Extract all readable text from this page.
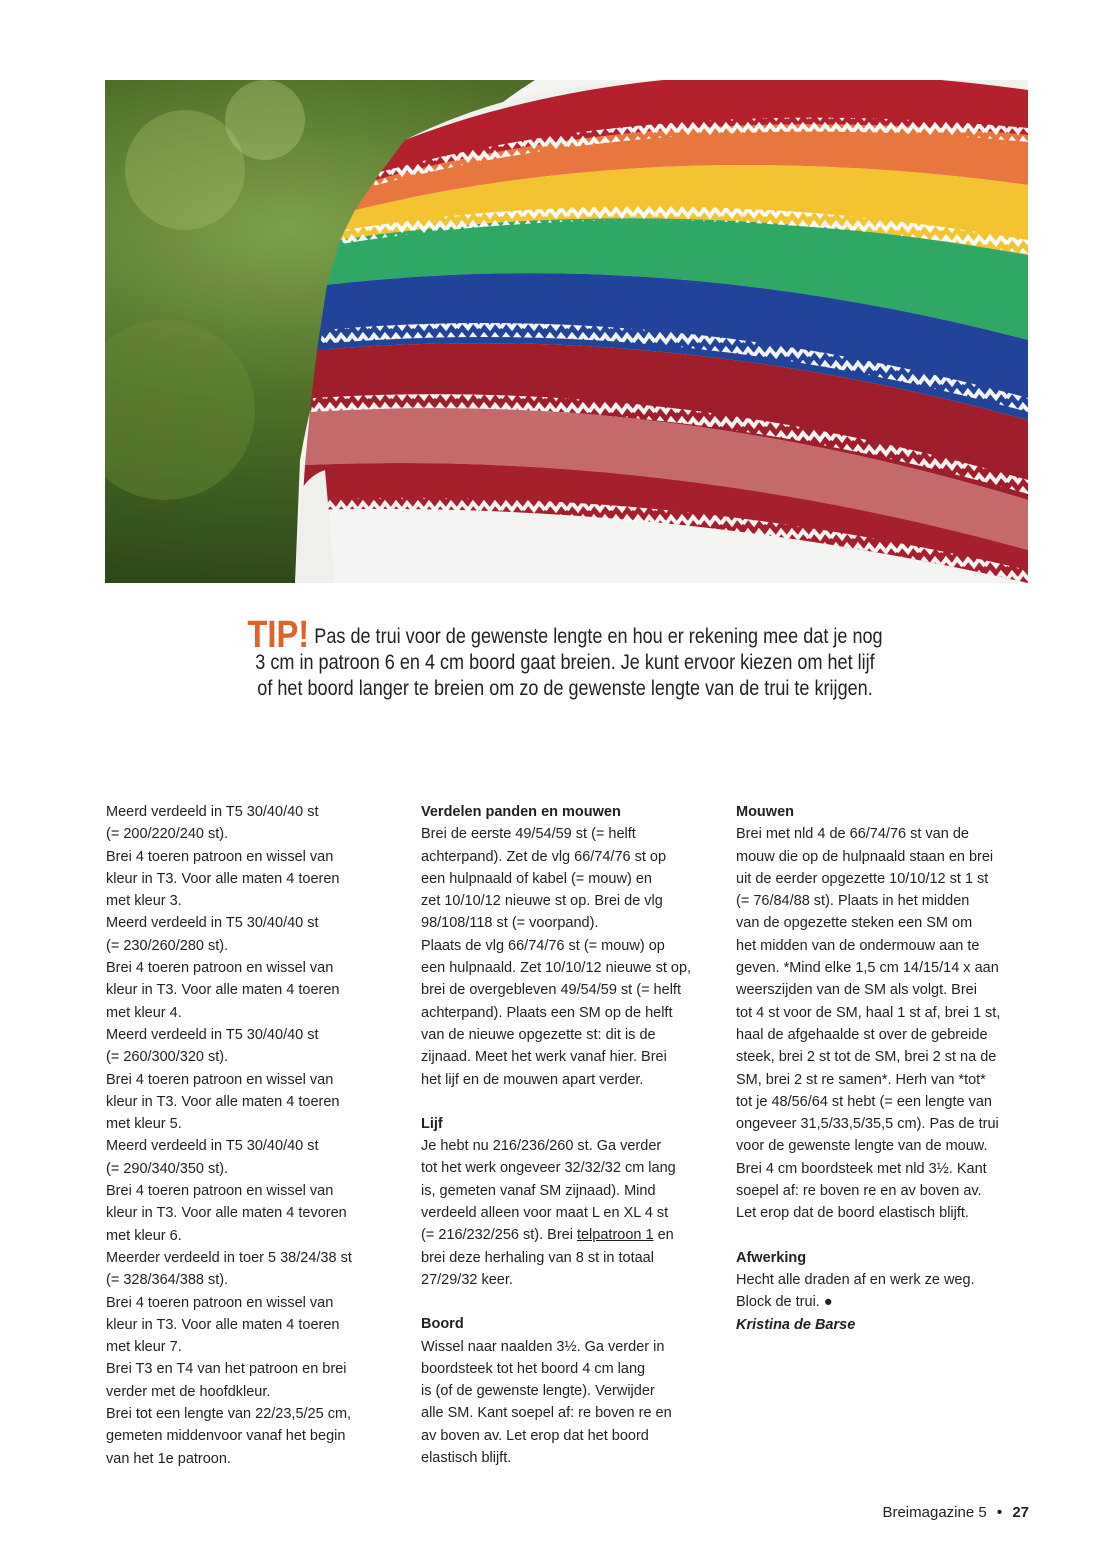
TIP! Pas de trui voor de gewenste lengte en hou er rekening mee dat je nog
3 cm in patroon 6 en 4 cm boord gaat breien. Je kunt ervoor kiezen om het lijf
of het boord langer te breien om zo de gewenste lengte van de trui te krijgen.

Meerd verdeeld in T5 30/40/40 st

(= 200/220/240 st).

Brei 4 toeren patroon en wissel van

kleur in T3. Voor alle maten 4 toeren

met kleur 3.

Meerd verdeeld in T5 30/40/40 st

(= 230/260/280 st).

Brei 4 toeren patroon en wissel van

kleur in T3. Voor alle maten 4 toeren

met kleur 4.

Meerd verdeeld in T5 30/40/40 st

(= 260/300/320 st).

Brei 4 toeren patroon en wissel van

kleur in T3. Voor alle maten 4 toeren

met kleur 5.

Meerd verdeeld in T5 30/40/40 st

(= 290/340/350 st).

Brei 4 toeren patroon en wissel van

kleur in T3. Voor alle maten 4 tevoren

met kleur 6.

Meerder verdeeld in toer 5 38/24/38 st

(= 328/364/388 st).

Brei 4 toeren patroon en wissel van

kleur in T3. Voor alle maten 4 toeren

met kleur 7.

Brei T3 en T4 van het patroon en brei

verder met de hoofdkleur.

Brei tot een lengte van 22/23,5/25 cm,

gemeten middenvoor vanaf het begin

van het 1e patroon.

Verdelen panden en mouwen

Brei de eerste 49/54/59 st (= helft

achterpand). Zet de vlg 66/74/76 st op

een hulpnaald of kabel (= mouw) en

zet 10/10/12 nieuwe st op. Brei de vlg

98/108/118 st (= voorpand).

Plaats de vlg 66/74/76 st (= mouw) op

een hulpnaald. Zet 10/10/12 nieuwe st op,

brei de overgebleven 49/54/59 st (= helft

achterpand). Plaats een SM op de helft

van de nieuwe opgezette st: dit is de

zijnaad. Meet het werk vanaf hier. Brei

het lijf en de mouwen apart verder.

Lijf

Je hebt nu 216/236/260 st. Ga verder

tot het werk ongeveer 32/32/32 cm lang

is, gemeten vanaf SM zijnaad). Mind

verdeeld alleen voor maat L en XL 4 st

(= 216/232/256 st). Brei telpatroon 1 en

brei deze herhaling van 8 st in totaal

27/29/32 keer.

Boord

Wissel naar naalden 3½. Ga verder in

boordsteek tot het boord 4 cm lang

is (of de gewenste lengte). Verwijder

alle SM. Kant soepel af: re boven re en

av boven av. Let erop dat het boord

elastisch blijft.

Mouwen

Brei met nld 4 de 66/74/76 st van de

mouw die op de hulpnaald staan en brei

uit de eerder opgezette 10/10/12 st 1 st

(= 76/84/88 st). Plaats in het midden

van de opgezette steken een SM om

het midden van de ondermouw aan te

geven. *Mind elke 1,5 cm 14/15/14 x aan

weerszijden van de SM als volgt. Brei

tot 4 st voor de SM, haal 1 st af, brei 1 st,

haal de afgehaalde st over de gebreide

steek, brei 2 st tot de SM, brei 2 st na de

SM, brei 2 st re samen*. Herh van *tot*

tot je 48/56/64 st hebt (= een lengte van

ongeveer 31,5/33,5/35,5 cm). Pas de trui

voor de gewenste lengte van de mouw.

Brei 4 cm boordsteek met nld 3½. Kant

soepel af: re boven re en av boven av.

Let erop dat de boord elastisch blijft.

Afwerking

Hecht alle draden af en werk ze weg.

Block de trui. ●

Kristina de Barse

Breimagazine 5 • 27
